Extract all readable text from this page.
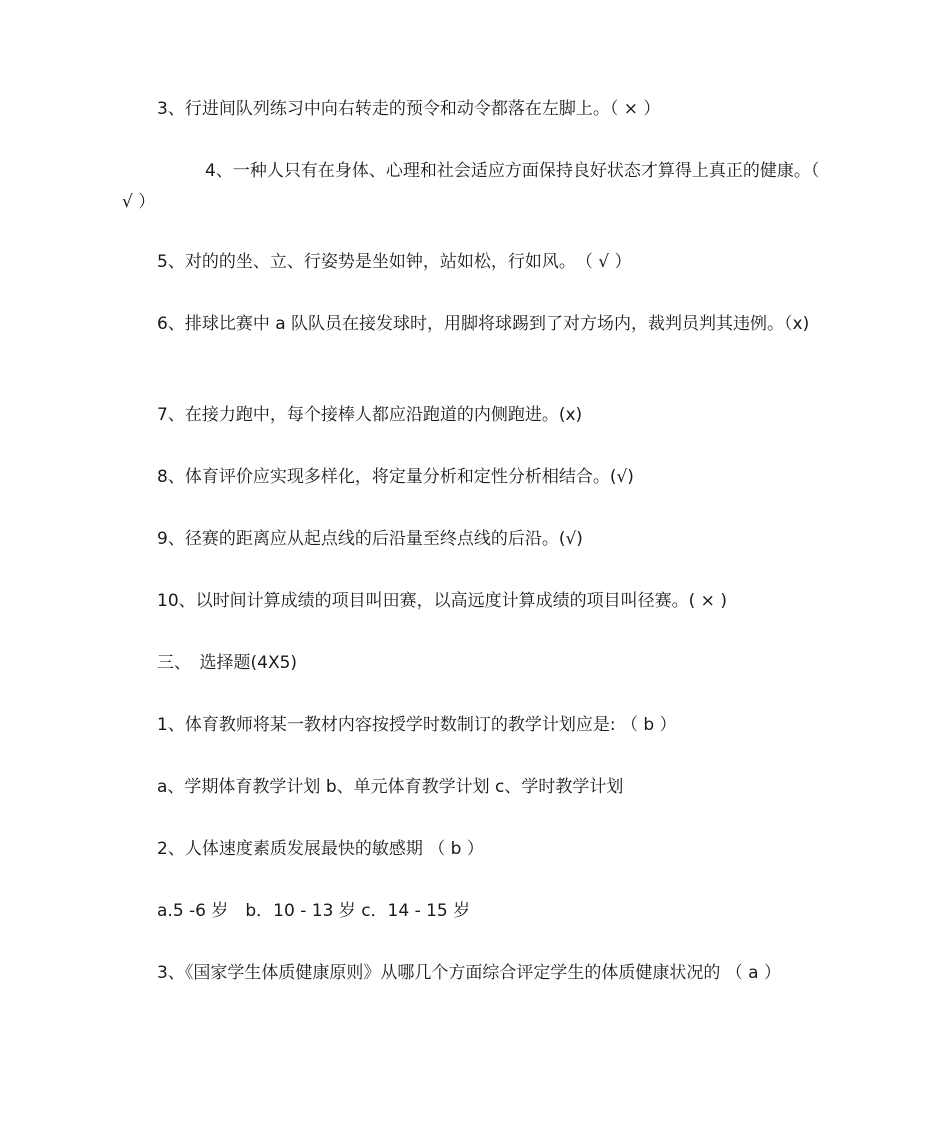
3、行进间队列练习中向右转走的预令和动令都落在左脚上。（ × ）
4、一种人只有在身体、心理和社会适应方面保持良好状态才算得上真正的健康。（ √ ）
5、对的的坐、立、行姿势是坐如钟，站如松，行如风。　（ √ ）
6、排球比赛中 a 队队员在接发球时，用脚将球踢到了对方场内，裁判员判其违例。（x)
7、在接力跑中，每个接棒人都应沿跑道的内侧跑进。(x)
8、体育评价应实现多样化，将定量分析和定性分析相结合。(√)
9、径赛的距离应从起点线的后沿量至终点线的后沿。(√)
10、以时间计算成绩的项目叫田赛，以高远度计算成绩的项目叫径赛。( × )
三、　选择题(4X5)
1、体育教师将某一教材内容按授学时数制订的教学计划应是: （ b ）
a、学期体育教学计划 b、单元体育教学计划 c、学时教学计划
2、人体速度素质发展最快的敏感期 （ b ）
a.5 -6 岁　b．10 - 13 岁 c．14 - 15 岁
3、《国家学生体质健康原则》从哪几个方面综合评定学生的体质健康状况的 （ a ）
